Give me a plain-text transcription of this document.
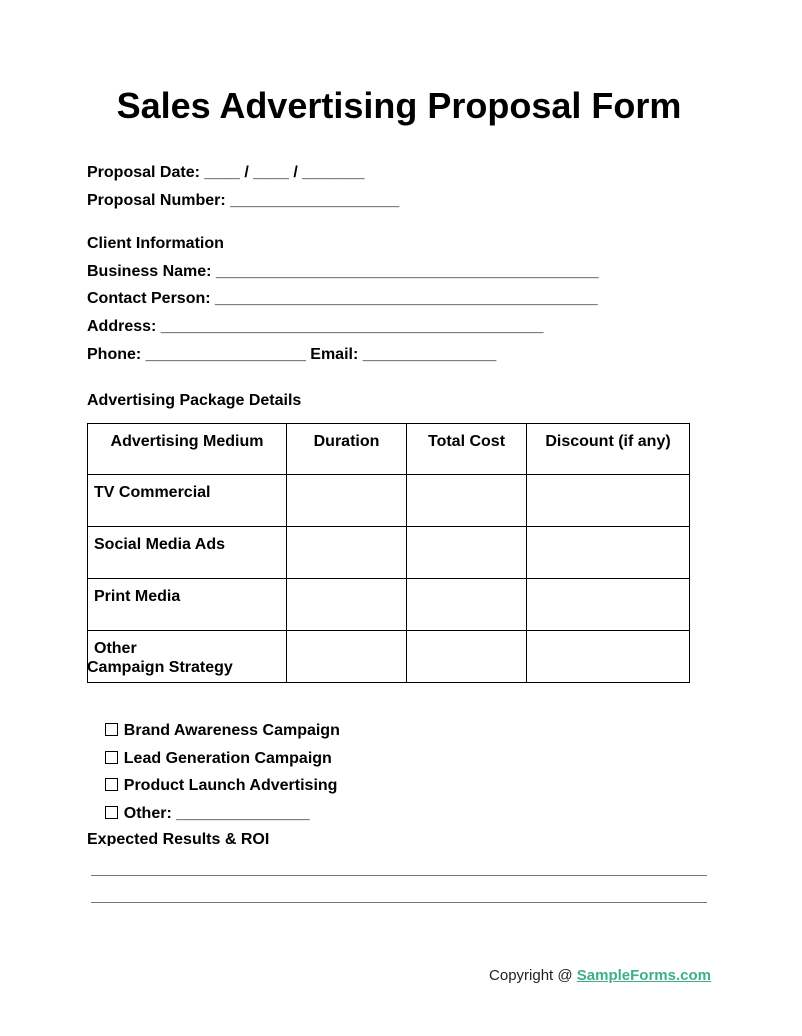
Sales Advertising Proposal Form
Proposal Date: ____ / ____ / _______
Proposal Number: ___________________
Client Information
Business Name: ___________________________________________
Contact Person: ___________________________________________
Address: ___________________________________________
Phone: __________________ Email: _______________
Advertising Package Details
Advertising Medium	Duration	Total Cost	Discount (if any)
TV Commercial			
Social Media Ads			
Print Media			
Other			
Campaign Strategy

Brand Awareness Campaign

Lead Generation Campaign

Product Launch Advertising

Other: _______________

Expected Results & ROI
Copyright @ SampleForms.com
